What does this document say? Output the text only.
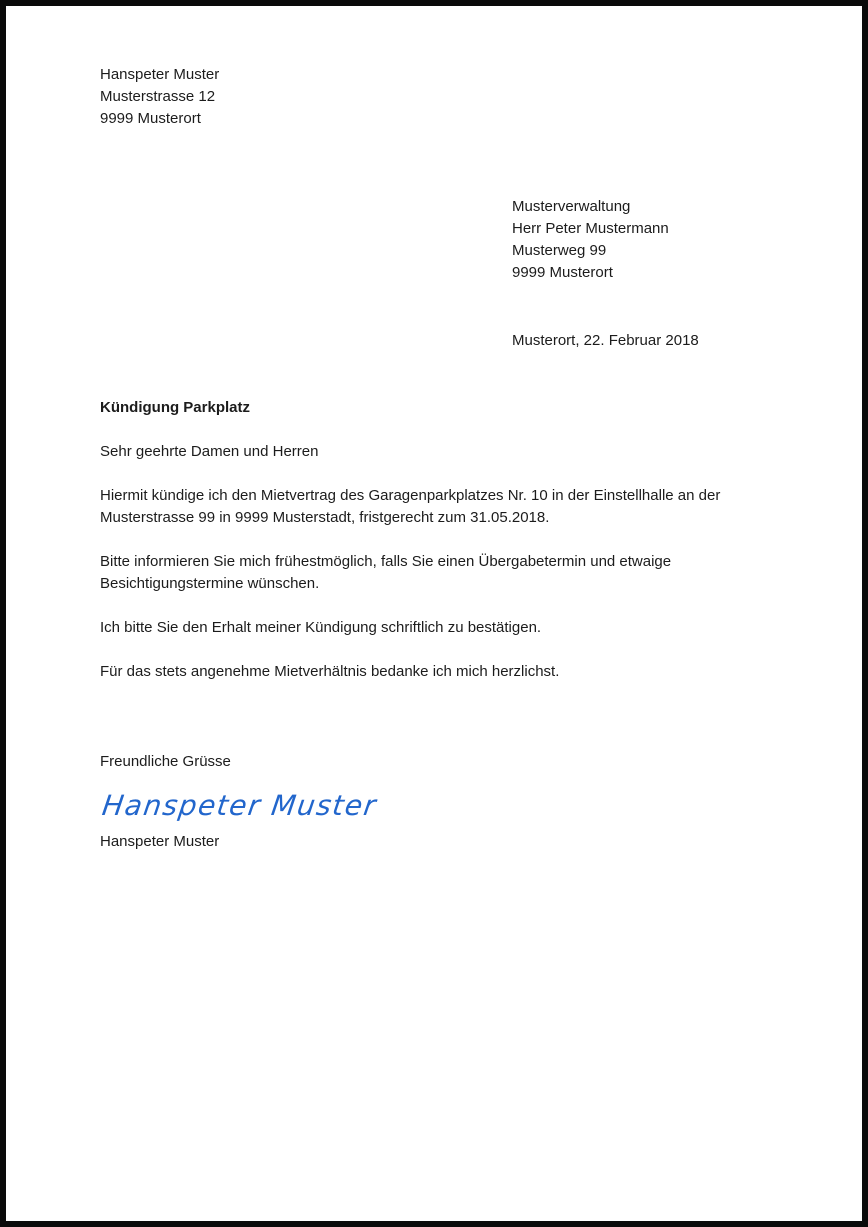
Hanspeter Muster
Musterstrasse 12
9999 Musterort
Musterverwaltung
Herr Peter Mustermann
Musterweg 99
9999 Musterort
Musterort, 22. Februar 2018
Kündigung Parkplatz
Sehr geehrte Damen und Herren

Hiermit kündige ich den Mietvertrag des Garagenparkplatzes Nr. 10 in der Einstellhalle an der Musterstrasse 99 in 9999 Musterstadt, fristgerecht zum 31.05.2018.

Bitte informieren Sie mich frühestmöglich, falls Sie einen Übergabetermin und etwaige Besichtigungstermine wünschen.

Ich bitte Sie den Erhalt meiner Kündigung schriftlich zu bestätigen.

Für das stets angenehme Mietverhältnis bedanke ich mich herzlichst.

Freundliche Grüsse
Hanspeter Muster
Hanspeter Muster
